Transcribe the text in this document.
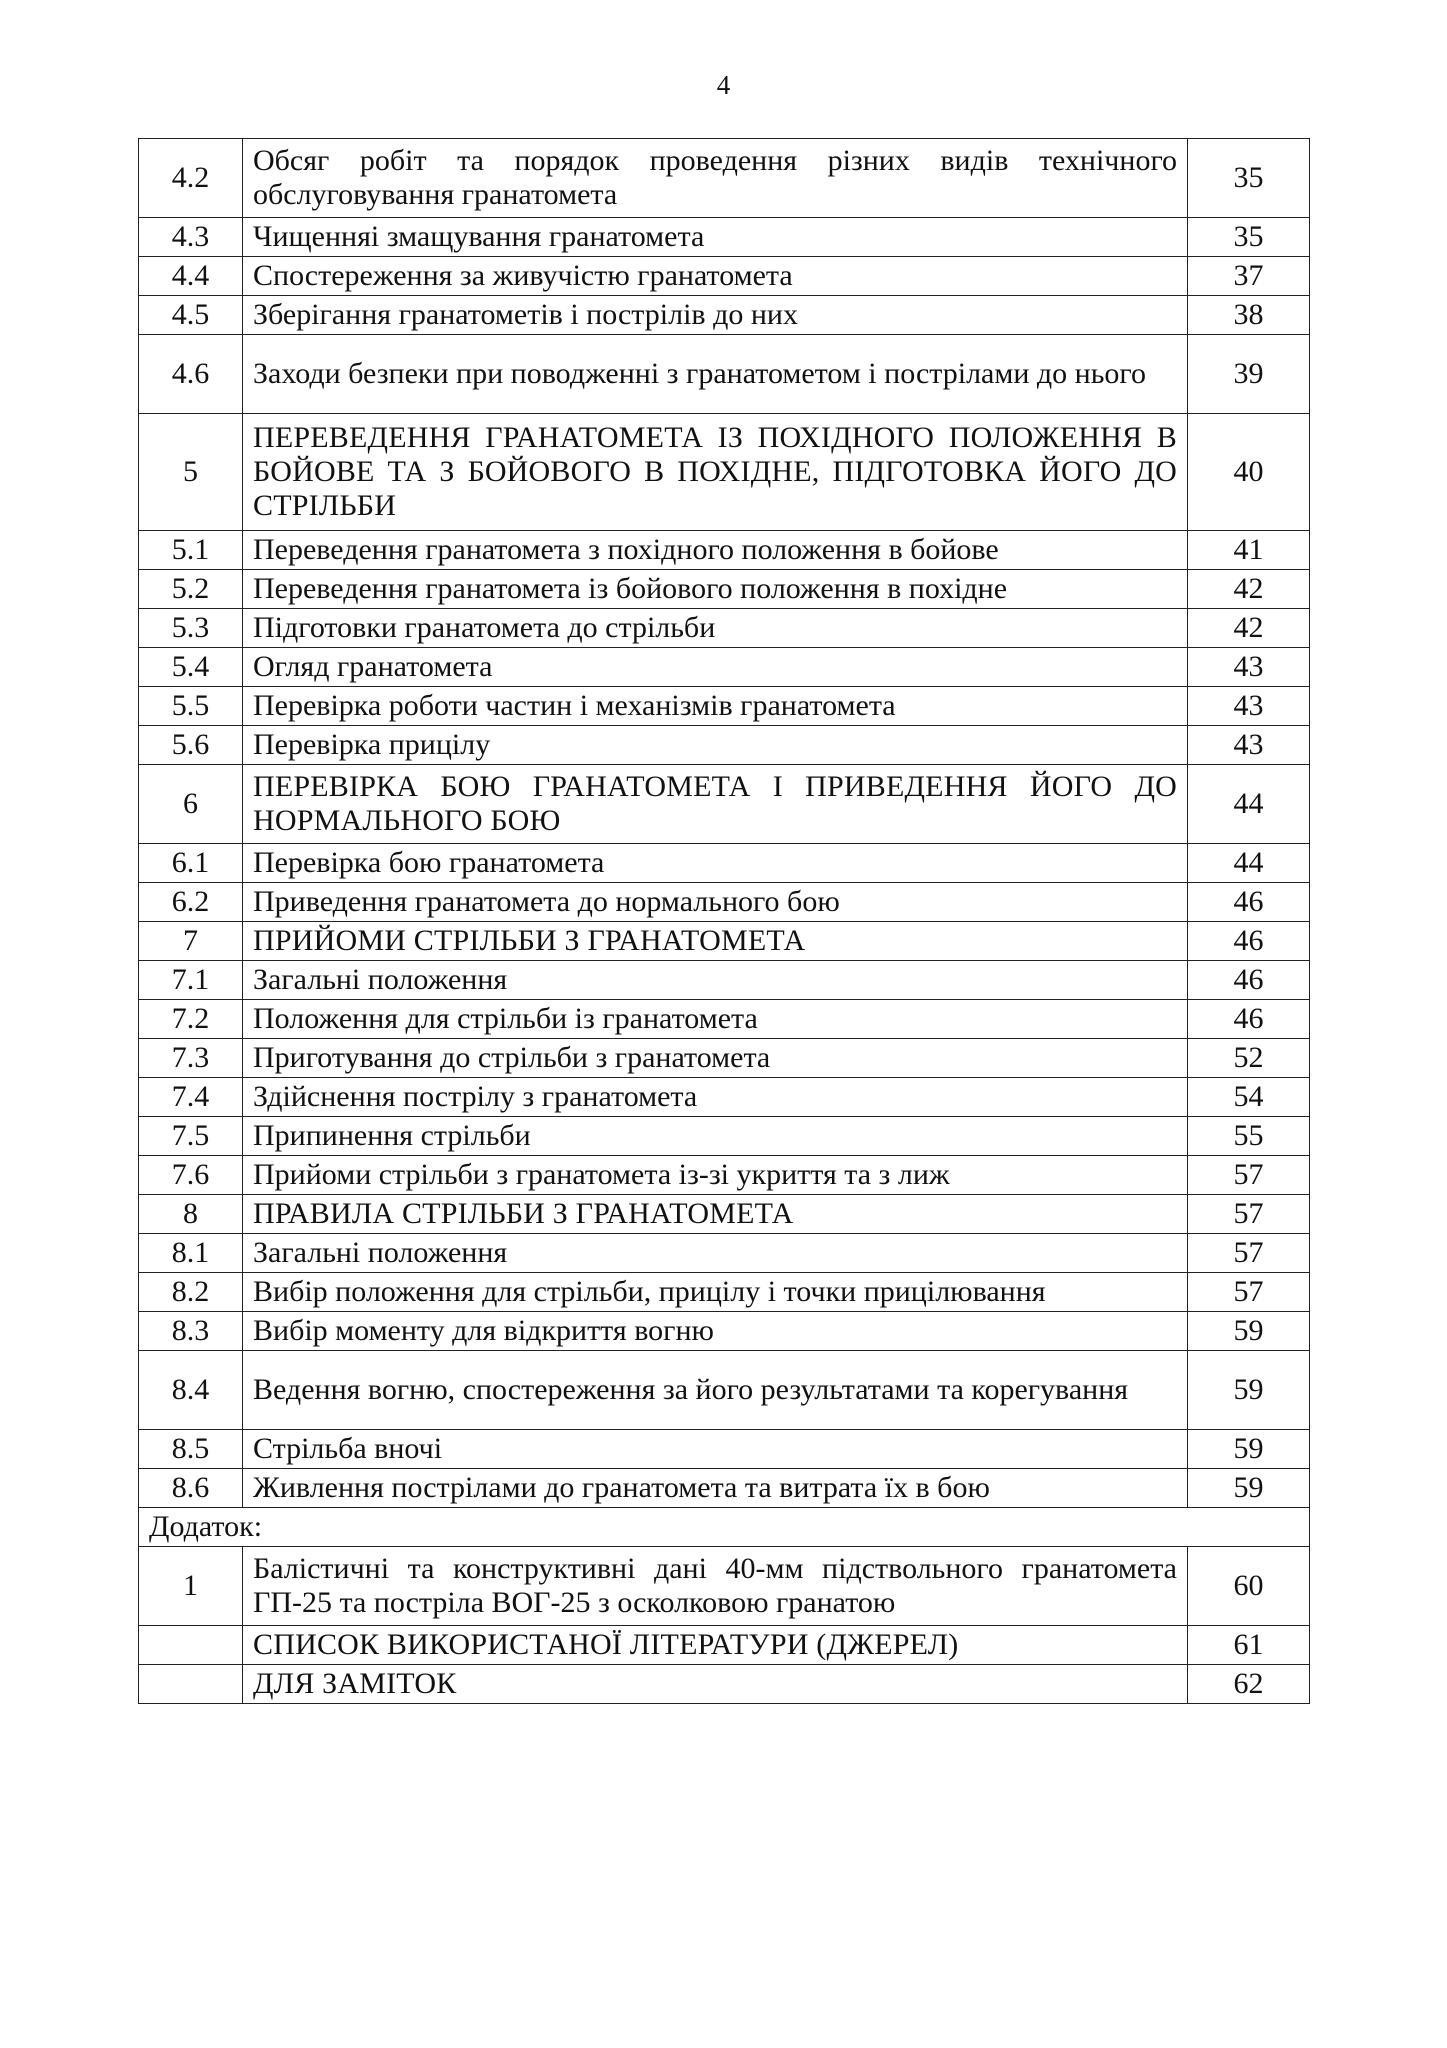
4
4.2	Обсяг робіт та порядок проведення різних видів технічного обслуговування гранатомета	35
4.3	Чищенняі змащування гранатомета	35
4.4	Спостереження за живучістю гранатомета	37
4.5	Зберігання гранатометів і пострілів до них	38
4.6	Заходи безпеки при поводженні з гранатометом і пострілами до нього	39
5	ПЕРЕВЕДЕННЯ ГРАНАТОМЕТА ІЗ ПОХІДНОГО ПОЛОЖЕННЯ В БОЙОВЕ ТА З БОЙОВОГО В ПОХІДНЕ, ПІДГОТОВКА ЙОГО ДО СТРІЛЬБИ	40
5.1	Переведення гранатомета з похідного положення в бойове	41
5.2	Переведення гранатомета із бойового положення в похідне	42
5.3	Підготовки гранатомета до стрільби	42
5.4	Огляд гранатомета	43
5.5	Перевірка роботи частин і механізмів гранатомета	43
5.6	Перевірка прицілу	43
6	ПЕРЕВІРКА БОЮ ГРАНАТОМЕТА І ПРИВЕДЕННЯ ЙОГО ДО НОРМАЛЬНОГО БОЮ	44
6.1	Перевірка бою гранатомета	44
6.2	Приведення гранатомета до нормального бою	46
7	ПРИЙОМИ СТРІЛЬБИ З ГРАНАТОМЕТА	46
7.1	Загальні положення	46
7.2	Положення для стрільби із гранатомета	46
7.3	Приготування до стрільби з гранатомета	52
7.4	Здійснення пострілу з гранатомета	54
7.5	Припинення стрільби	55
7.6	Прийоми стрільби з гранатомета із-зі укриття та з лиж	57
8	ПРАВИЛА СТРІЛЬБИ З ГРАНАТОМЕТА	57
8.1	Загальні положення	57
8.2	Вибір положення для стрільби, прицілу і точки прицілювання	57
8.3	Вибір моменту для відкриття вогню	59
8.4	Ведення вогню, спостереження за його результатами та корегування	59
8.5	Стрільба вночі	59
8.6	Живлення пострілами до гранатомета та витрата їх в бою	59
Додаток:		
1	Балістичні та конструктивні дані 40-мм підствольного гранатомета ГП-25 та пострілa ВОГ-25 з осколковою гранатою	60
	СПИСОК ВИКОРИСТАНОЇ ЛІТЕРАТУРИ (ДЖЕРЕЛ)	61
	ДЛЯ ЗАМІТОК	62
